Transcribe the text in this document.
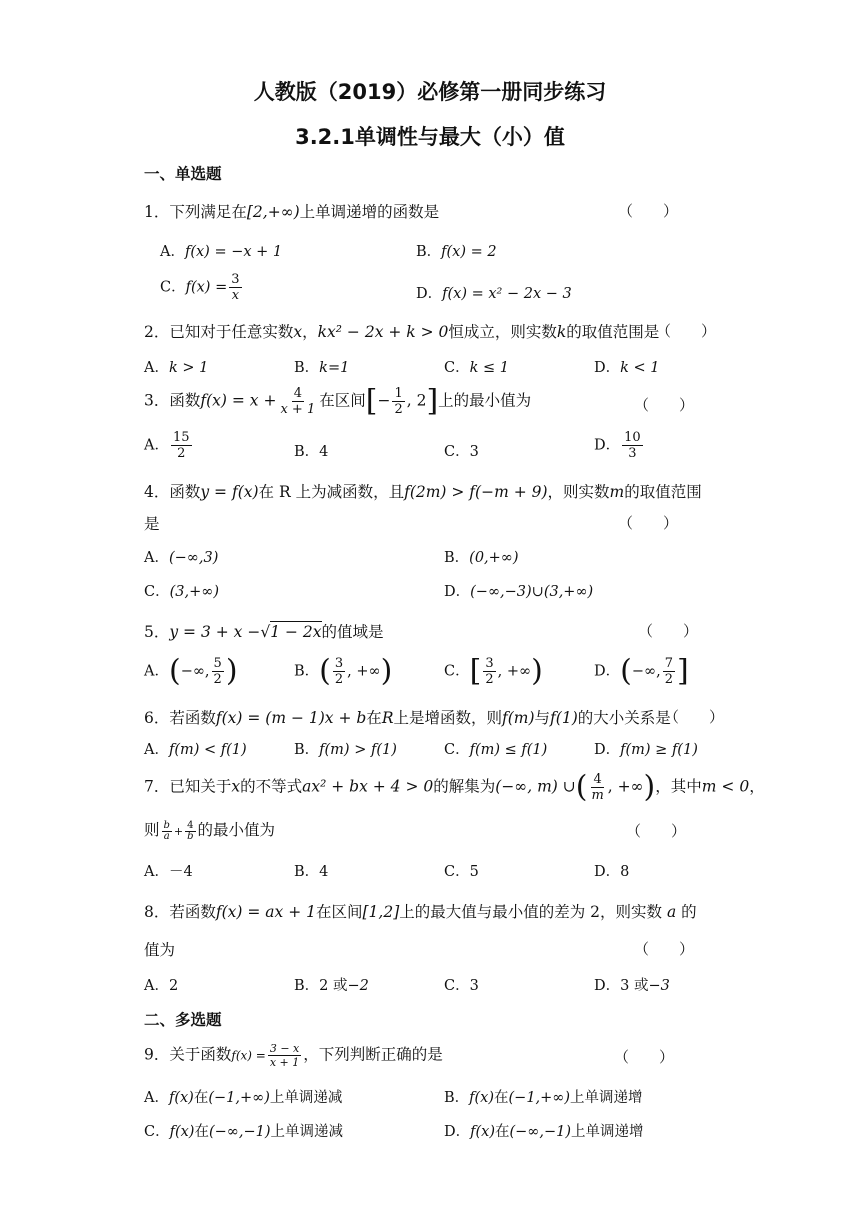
人教版（2019）必修第一册同步练习
3.2.1单调性与最大（小）值
一、单选题
1．下列满足在[2,+∞)上单调递增的函数是	（　　）
A．f(x) = −x + 1	B．f(x) = 2
C．$f(x) = \frac{3}{x}$	D．f(x) = x² − 2x − 3
2．已知对于任意实数x，kx² − 2x + k > 0恒成立，则实数k的取值范围是
（　　）
A．k > 1	B．k=1	C．k ≤ 1	D．k < 1
3．函数$f(x) = x + \frac{4}{x + 1}$ 在区间[− $\frac{1}{2}$ , 2]上的最小值为	（　　）
A． $\frac{15}{2}$	B．4	C．3	D． $\frac{10}{3}$
4．函数y = f(x)在 R 上为减函数，且f(2m) > f(−m + 9)，则实数m的取值范围
是	（　　）
A．(−∞,3)	B．(0,+∞)
C．(3,+∞)	D．(−∞,−3)∪(3,+∞)
5．y = 3 + x −√1 − 2x的值域是	（　　）
A．(−∞, $\frac{5}{2}$ )	B．( $\frac{3}{2}$ , +∞)	C．[ $\frac{3}{2}$ , +∞)	D．(−∞, $\frac{7}{2}$ ]
6．若函数f(x) = (m − 1)x + b在R上是增函数，则f(m)与f(1)的大小关系是
（　　）
A．f(m) < f(1)	B．f(m) > f(1)	C．f(m) ≤ f(1)	D．f(m) ≥ f(1)
7．已知关于x的不等式ax² + bx + 4 > 0的解集为(−∞, m) ∪( $\frac{4}{m}$ , +∞)，其中m < 0，
则 $\frac{b}{a} + \frac{4}{b}$ 的最小值为	（　　）
A．－4	B．4	C．5	D．8
8．若函数f(x) = ax + 1在区间[1,2]上的最大值与最小值的差为 2，则实数 a 的
值为	（　　）
A．2	B．2 或−2	C．3	D．3 或−3
二、多选题
9．关于函数$f(x) = \frac{3 - x}{x + 1}$ ，下列判断正确的是	（　　）
A．f(x)在(−1,+∞)上单调递减	B．f(x)在(−1,+∞)上单调递增
C．f(x)在(−∞,−1)上单调递减	D．f(x)在(−∞,−1)上单调递增
